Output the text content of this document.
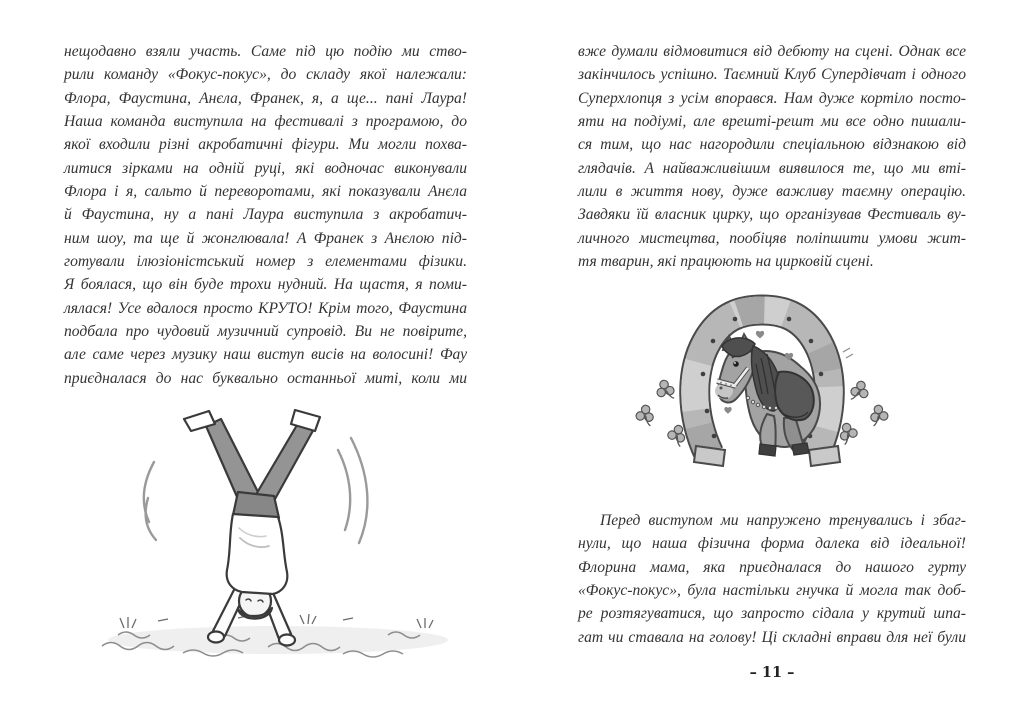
нещодавно взяли участь. Саме під цю подію ми ство-
рили команду «Фокус-покус», до складу якої належали:
Флора, Фаустина, Анєла, Франек, я, а ще... пані Лаура!
Наша команда виступила на фестивалі з програмою, до
якої входили різні акробатичні фігури. Ми могли похва-
литися зірками на одній руці, які водночас виконували
Флора і я, сальто й переворотами, які показували Анєла
й Фаустина, ну а пані Лаура виступила з акробатич-
ним шоу, та ще й жонглювала! А Франек з Анєлою під-
готували ілюзіоністський номер з елементами фізики.
Я боялася, що він буде трохи нудний. На щастя, я поми-
лялася! Усе вдалося просто КРУТО! Крім того, Фаустина
подбала про чудовий музичний супровід. Ви не повірите,
але саме через музику наш виступ висів на волосині! Фау
приєдналася до нас буквально останньої миті, коли ми
вже думали відмовитися від дебюту на сцені. Однак все
закінчилось успішно. Таємний Клуб Супердівчат і одного
Суперхлопця з усім впорався. Нам дуже кортіло посто-
яти на подіумі, але врешті-решт ми все одно пишали-
ся тим, що нас нагородили спеціальною відзнакою від
глядачів. А найважливішим виявилося те, що ми вті-
лили в життя нову, дуже важливу таємну операцію.
Завдяки їй власник цирку, що організував Фестиваль ву-
личного мистецтва, пообіцяв поліпшити умови жит-
тя тварин, які працюють на цирковій сцені.
Перед виступом ми напружено тренувались і збаг-
нули, що наша фізична форма далека від ідеальної!
Флорина мама, яка приєдналася до нашого гурту
«Фокус-покус», була настільки гнучка й могла так доб-
ре розтягуватися, що запросто сідала у крутий шпа-
гат чи ставала на голову! Ці складні вправи для неї були
– 11 –
